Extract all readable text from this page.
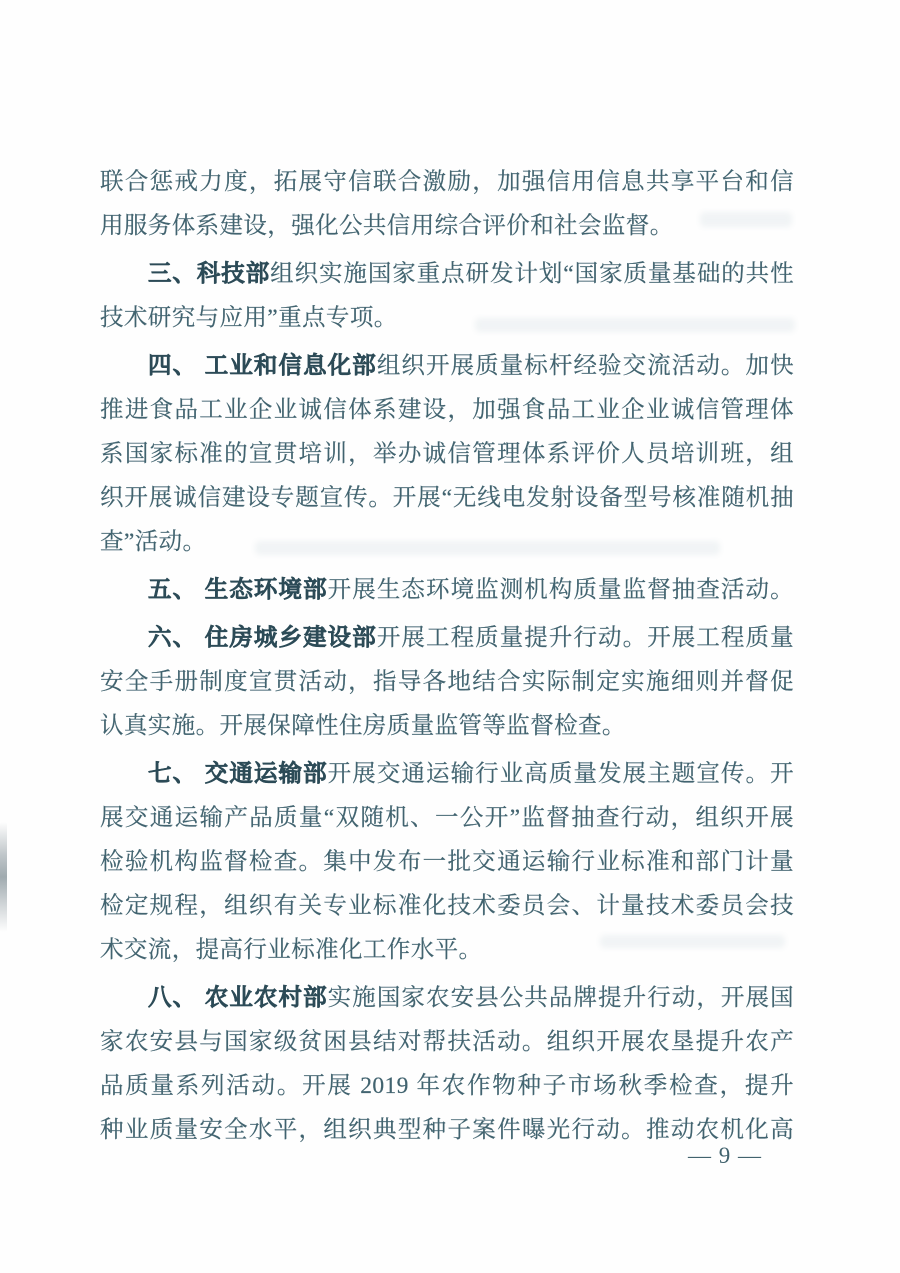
联合惩戒力度，拓展守信联合激励，加强信用信息共享平台和信
用服务体系建设，强化公共信用综合评价和社会监督。
三、科技部组织实施国家重点研发计划“国家质量基础的共性
技术研究与应用”重点专项。
四、 工业和信息化部组织开展质量标杆经验交流活动。加快
推进食品工业企业诚信体系建设，加强食品工业企业诚信管理体
系国家标准的宣贯培训，举办诚信管理体系评价人员培训班，组
织开展诚信建设专题宣传。开展“无线电发射设备型号核准随机抽
查”活动。
五、 生态环境部开展生态环境监测机构质量监督抽查活动。
六、 住房城乡建设部开展工程质量提升行动。开展工程质量
安全手册制度宣贯活动，指导各地结合实际制定实施细则并督促
认真实施。开展保障性住房质量监管等监督检查。
七、 交通运输部开展交通运输行业高质量发展主题宣传。开
展交通运输产品质量“双随机、一公开”监督抽查行动，组织开展
检验机构监督检查。集中发布一批交通运输行业标准和部门计量
检定规程，组织有关专业标准化技术委员会、计量技术委员会技
术交流，提高行业标准化工作水平。
八、 农业农村部实施国家农安县公共品牌提升行动，开展国
家农安县与国家级贫困县结对帮扶活动。组织开展农垦提升农产
品质量系列活动。开展 2019 年农作物种子市场秋季检查，提升
种业质量安全水平，组织典型种子案件曝光行动。推动农机化高
— 9 —
